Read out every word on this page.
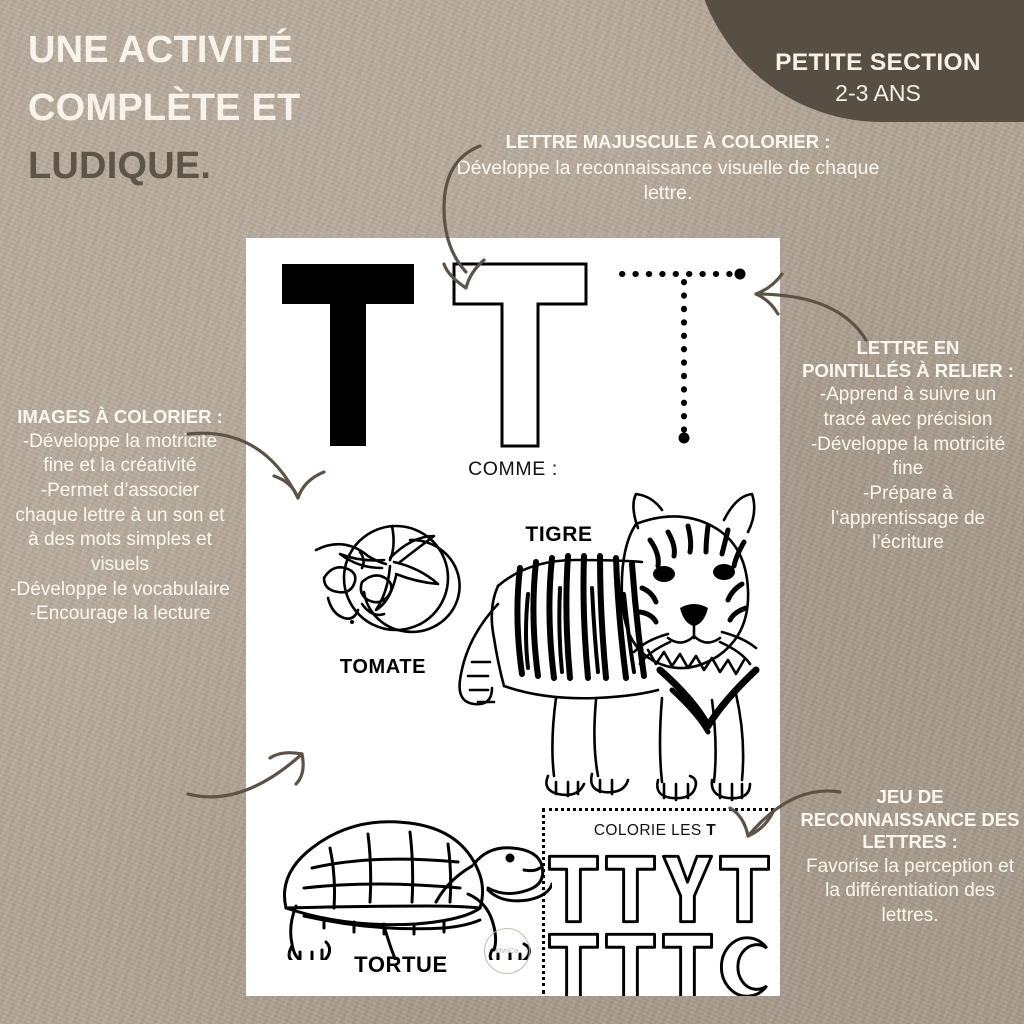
PETITE SECTION
2-3 ANS
UNE ACTIVITÉ
COMPLÈTE ET
LUDIQUE.
LETTRE MAJUSCULE À COLORIER :
Développe la reconnaissance visuelle de chaque lettre.
LETTRE EN POINTILLÉS À RELIER :
-Apprend à suivre un tracé avec précision
-Développe la motricité fine
-Prépare à l’apprentissage de l’écriture
IMAGES À COLORIER :
-Développe la motricité fine et la créativité
-Permet d’associer chaque lettre à un son et à des mots simples et visuels
-Développe le vocabulaire
-Encourage la lecture
JEU DE RECONNAISSANCE DES LETTRES :
Favorise la perception et la différentiation des lettres.
COMME :
TOMATE
TIGRE
TORTUE
MiniCo
COLORIE LES T
